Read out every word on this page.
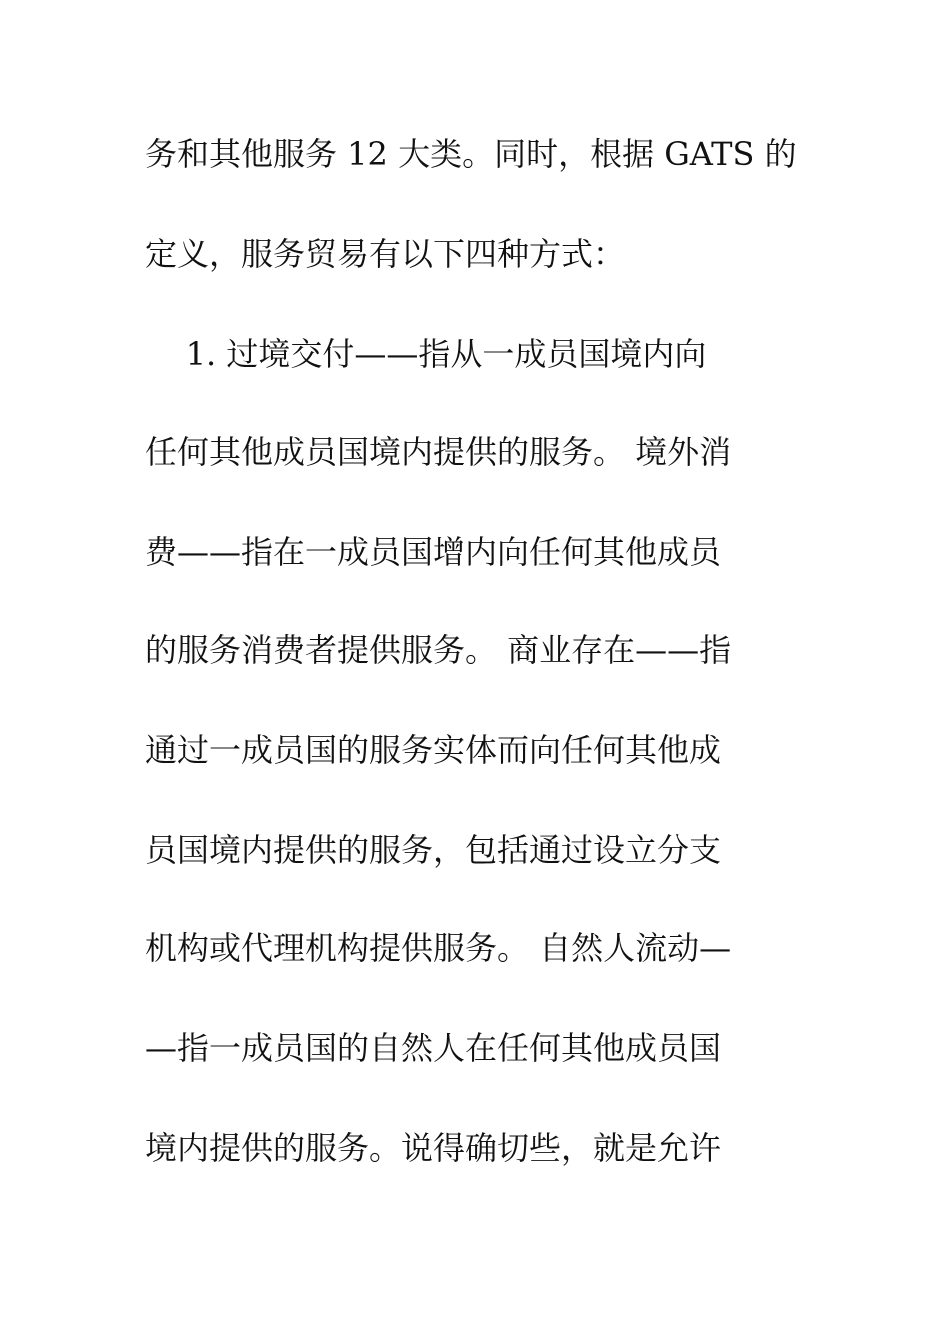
务和其他服务 12 大类。同时，根据 GATS 的
定义，服务贸易有以下四种方式：
1. 过境交付——指从一成员国境内向
任何其他成员国境内提供的服务。 境外消
费——指在一成员国增内向任何其他成员
的服务消费者提供服务。 商业存在——指
通过一成员国的服务实体而向任何其他成
员国境内提供的服务，包括通过设立分支
机构或代理机构提供服务。 自然人流动—
—指一成员国的自然人在任何其他成员国
境内提供的服务。说得确切些，就是允许
